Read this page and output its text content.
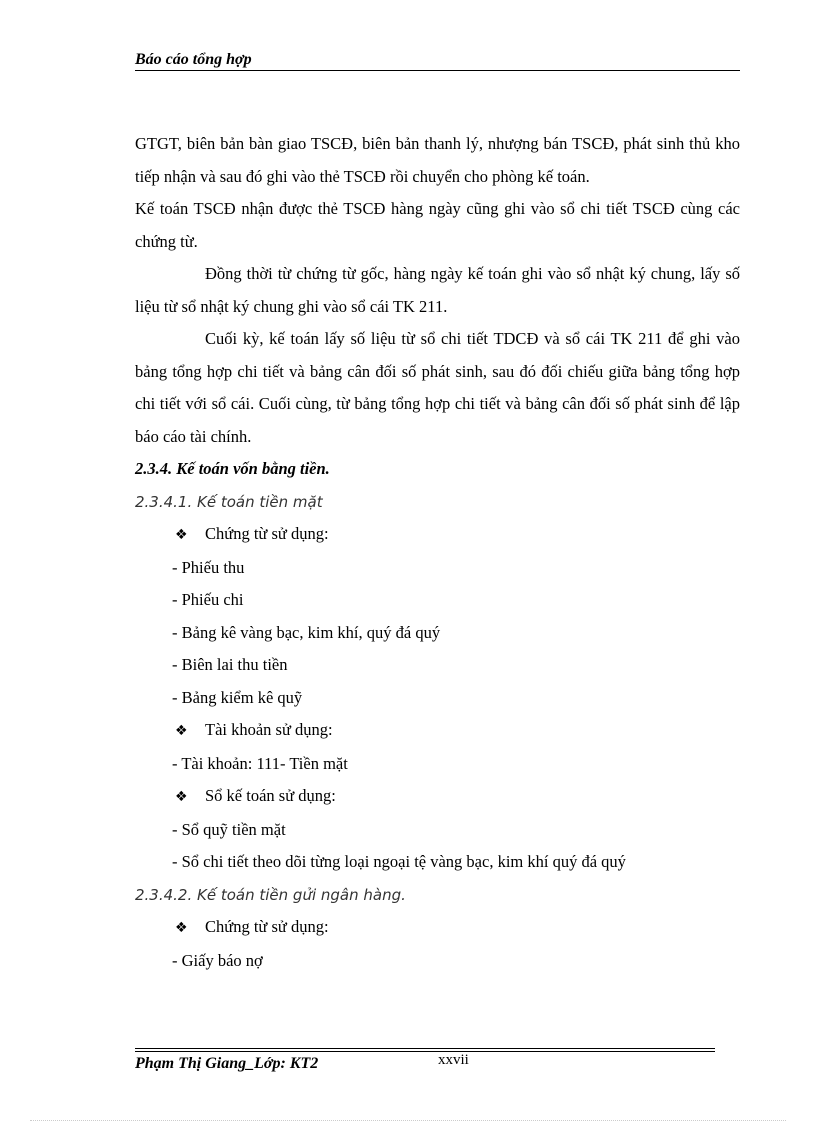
Báo cáo tổng hợp

GTGT, biên bản bàn giao TSCĐ, biên bản thanh lý, nhượng bán TSCĐ, phát sinh thủ kho tiếp nhận và sau đó ghi vào thẻ TSCĐ rồi chuyển cho phòng kế toán.

Kế toán TSCĐ nhận được thẻ TSCĐ hàng ngày cũng ghi vào sổ chi tiết TSCĐ cùng các chứng từ.

Đồng thời từ chứng từ gốc, hàng ngày kế toán ghi vào sổ nhật ký chung, lấy số liệu từ sổ nhật ký chung ghi vào sổ cái TK 211.

Cuối kỳ, kế toán lấy số liệu từ sổ chi tiết TDCĐ và sổ cái TK 211 để ghi vào bảng tổng hợp chi tiết và bảng cân đối số phát sinh, sau đó đối chiếu giữa bảng tổng hợp chi tiết với sổ cái. Cuối cùng, từ bảng tổng hợp chi tiết và bảng cân đối số phát sinh để lập báo cáo tài chính.

2.3.4. Kế toán vốn bằng tiền.
2.3.4.1. Kế toán tiền mặt
❖ Chứng từ sử dụng:
- Phiếu thu
- Phiếu chi
- Bảng kê vàng bạc, kim khí, quý đá quý
- Biên lai thu tiền
- Bảng kiểm kê quỹ
❖ Tài khoản sử dụng:
- Tài khoản: 111- Tiền mặt
❖ Sổ kế toán sử dụng:
- Sổ quỹ tiền mặt
- Sổ chi tiết theo dõi từng loại ngoại tệ vàng bạc, kim khí quý đá quý
2.3.4.2. Kế toán tiền gửi ngân hàng.
❖ Chứng từ sử dụng:
- Giấy báo nợ
Phạm Thị Giang_Lớp: KT2	xxvii
